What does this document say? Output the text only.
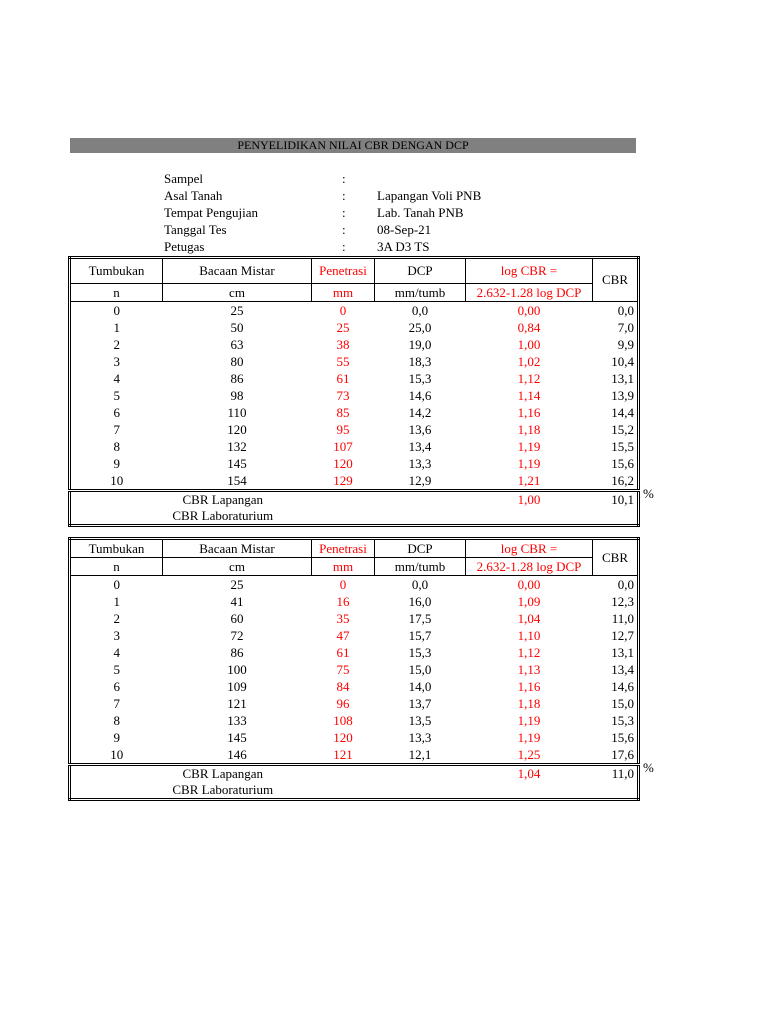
PENYELIDIKAN NILAI CBR DENGAN DCP
Sampel	:
Asal Tanah	:	Lapangan Voli PNB
Tempat Pengujian	:	Lab. Tanah PNB
Tanggal Tes	:	08-Sep-21
Petugas	:	3A D3 TS
Tumbukan	Bacaan Mistar	Penetrasi	DCP	log CBR =	CBR
n	cm	mm	mm/tumb	2.632-1.28 log DCP	
0	25	0	0,0	0,00	0,0
1	50	25	25,0	0,84	7,0
2	63	38	19,0	1,00	9,9
3	80	55	18,3	1,02	10,4
4	86	61	15,3	1,12	13,1
5	98	73	14,6	1,14	13,9
6	110	85	14,2	1,16	14,4
7	120	95	13,6	1,18	15,2
8	132	107	13,4	1,19	15,5
9	145	120	13,3	1,19	15,6
10	154	129	12,9	1,21	16,2
CBR Lapangan				1,00	10,1
CBR Laboraturium					
%
Tumbukan	Bacaan Mistar	Penetrasi	DCP	log CBR =	CBR
n	cm	mm	mm/tumb	2.632-1.28 log DCP	
0	25	0	0,0	0,00	0,0
1	41	16	16,0	1,09	12,3
2	60	35	17,5	1,04	11,0
3	72	47	15,7	1,10	12,7
4	86	61	15,3	1,12	13,1
5	100	75	15,0	1,13	13,4
6	109	84	14,0	1,16	14,6
7	121	96	13,7	1,18	15,0
8	133	108	13,5	1,19	15,3
9	145	120	13,3	1,19	15,6
10	146	121	12,1	1,25	17,6
CBR Lapangan				1,04	11,0
CBR Laboraturium					
%
